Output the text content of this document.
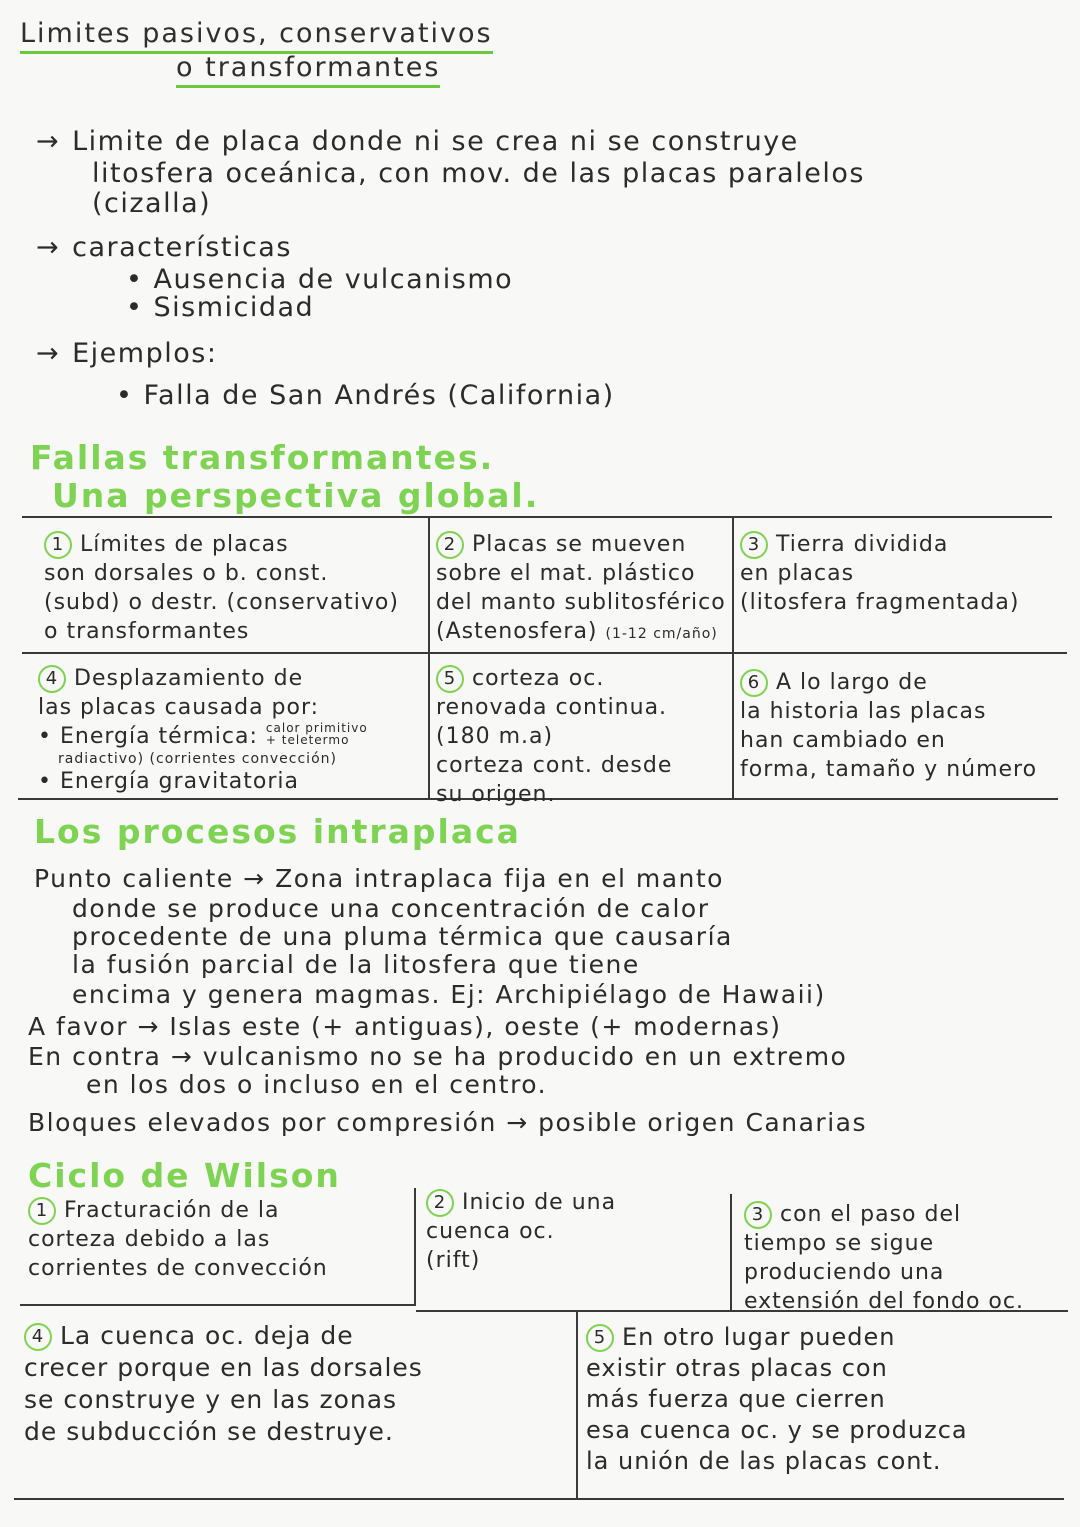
Limites pasivos, conservativos
o transformantes
→ Limite de placa donde ni se crea ni se construye
litosfera oceánica, con mov. de las placas paralelos
(cizalla)
→ características
• Ausencia de vulcanismo
• Sismicidad
→ Ejemplos:
• Falla de San Andrés (California)
Fallas transformantes.
Una perspectiva global.

1 Límites de placas

son dorsales o b. const.

(subd) o destr. (conservativo)

o transformantes

2 Placas se mueven

sobre el mat. plástico

del manto sublitosférico

(Astenosfera) (1-12 cm/año)

3 Tierra dividida

en placas

(litosfera fragmentada)

4 Desplazamiento de

las placas causada por:

• Energía térmica: calor primitivo
+ teletermo

radiactivo) (corrientes convección)

• Energía gravitatoria

5 corteza oc.

renovada continua.

(180 m.a)

corteza cont. desde

su origen.

6 A lo largo de

la historia las placas

han cambiado en

forma, tamaño y número

Los procesos intraplaca
Punto caliente → Zona intraplaca fija en el manto
donde se produce una concentración de calor
procedente de una pluma térmica que causaría
la fusión parcial de la litosfera que tiene
encima y genera magmas. Ej: Archipiélago de Hawaii)
A favor → Islas este (+ antiguas), oeste (+ modernas)
En contra → vulcanismo no se ha producido en un extremo
en los dos o incluso en el centro.
Bloques elevados por compresión → posible origen Canarias
Ciclo de Wilson

1 Fracturación de la

corteza debido a las

corrientes de convección

2 Inicio de una

cuenca oc.

(rift)

3 con el paso del

tiempo se sigue

produciendo una

extensión del fondo oc.

4 La cuenca oc. deja de

crecer porque en las dorsales

se construye y en las zonas

de subducción se destruye.

5 En otro lugar pueden

existir otras placas con

más fuerza que cierren

esa cuenca oc. y se produzca

la unión de las placas cont.
